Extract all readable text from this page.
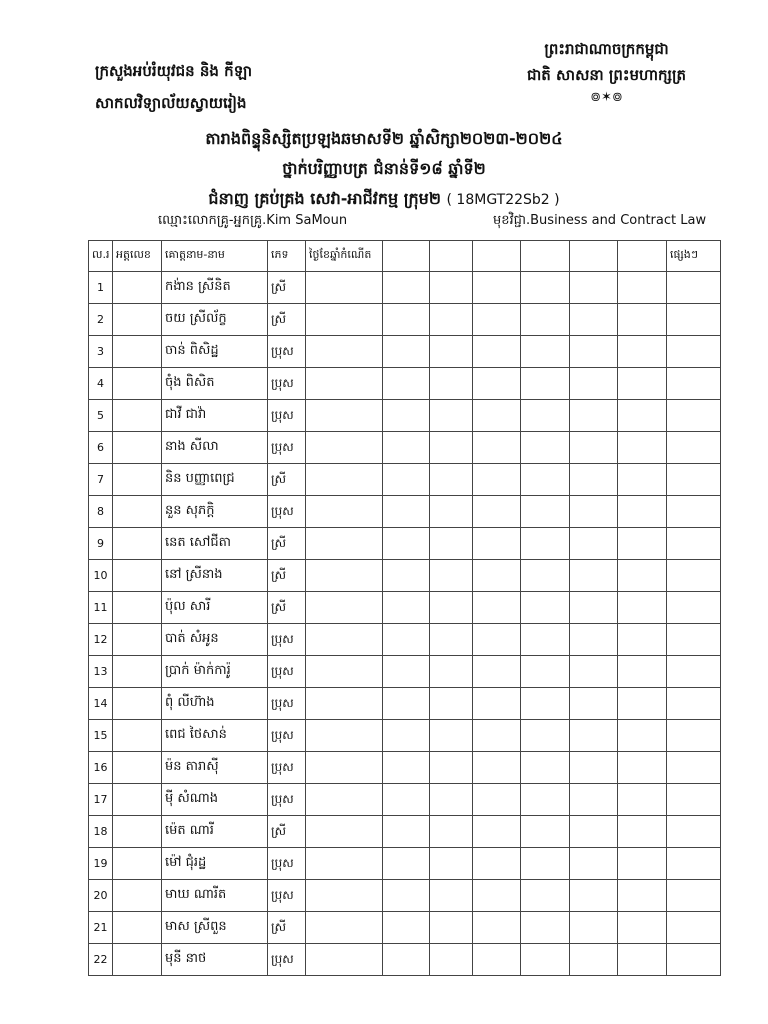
ក្រសួងអប់រំយុវជន និង កីឡា
សាកលវិទ្យាល័យស្វាយរៀង
ព្រះរាជាណាចក្រកម្ពុជា
ជាតិ សាសនា ព្រះមហាក្សត្រ
៙✶៙
តារាងពិន្ទុនិស្សិតប្រឡងឆមាសទី២ ឆ្នាំសិក្សា២០២៣-២០២៤
ថ្នាក់បរិញ្ញាបត្រ ជំនាន់ទី១៨ ឆ្នាំទី២
ជំនាញ គ្រប់គ្រង សេវា-អាជីវកម្ម ក្រុម២ ( 18MGT22Sb2 )
ឈ្មោះលោកគ្រូ-អ្នកគ្រូ.Kim SaMoun	មុខវិជ្ជា.Business and Contract Law
ល.រ	អត្តលេខ	គោត្តនាម-នាម	ភេទ	ថ្ងៃខែឆ្នាំកំណើត							ផ្សេងៗ
1		កង់ាន ស្រីនិត	ស្រី								
2		ចយ ស្រីល័ក្ខ	ស្រី								
3		ចាន់ ពិសិដ្ឋ	ប្រុស								
4		ចុំង ពិសិត	ប្រុស								
5		ជាវី ជាវ៉ា	ប្រុស								
6		នាង សីលា	ប្រុស								
7		និន បញ្ញាពេជ្រ	ស្រី								
8		នួន សុភក្តិ	ប្រុស								
9		នេត សៅជីតា	ស្រី								
10		នៅ ស្រីនាង	ស្រី								
11		ប៉ុល សារី	ស្រី								
12		បាត់ សំអូន	ប្រុស								
13		ប្រាក់ ម៉ាក់ការ៉ូ	ប្រុស								
14		ពុំ លីហ៊ាង	ប្រុស								
15		ពេជ ថៃសាន់	ប្រុស								
16		ម៉ន តារាស៊ី	ប្រុស								
17		ម៉ី សំណាង	ប្រុស								
18		ម៉េត ណារី	ស្រី								
19		ម៉ៅ ជុំរដ្ឋ	ប្រុស								
20		មាឃ ណារីត	ប្រុស								
21		មាស ស្រីពួន	ស្រី								
22		មុនី នាថ	ប្រុស								
